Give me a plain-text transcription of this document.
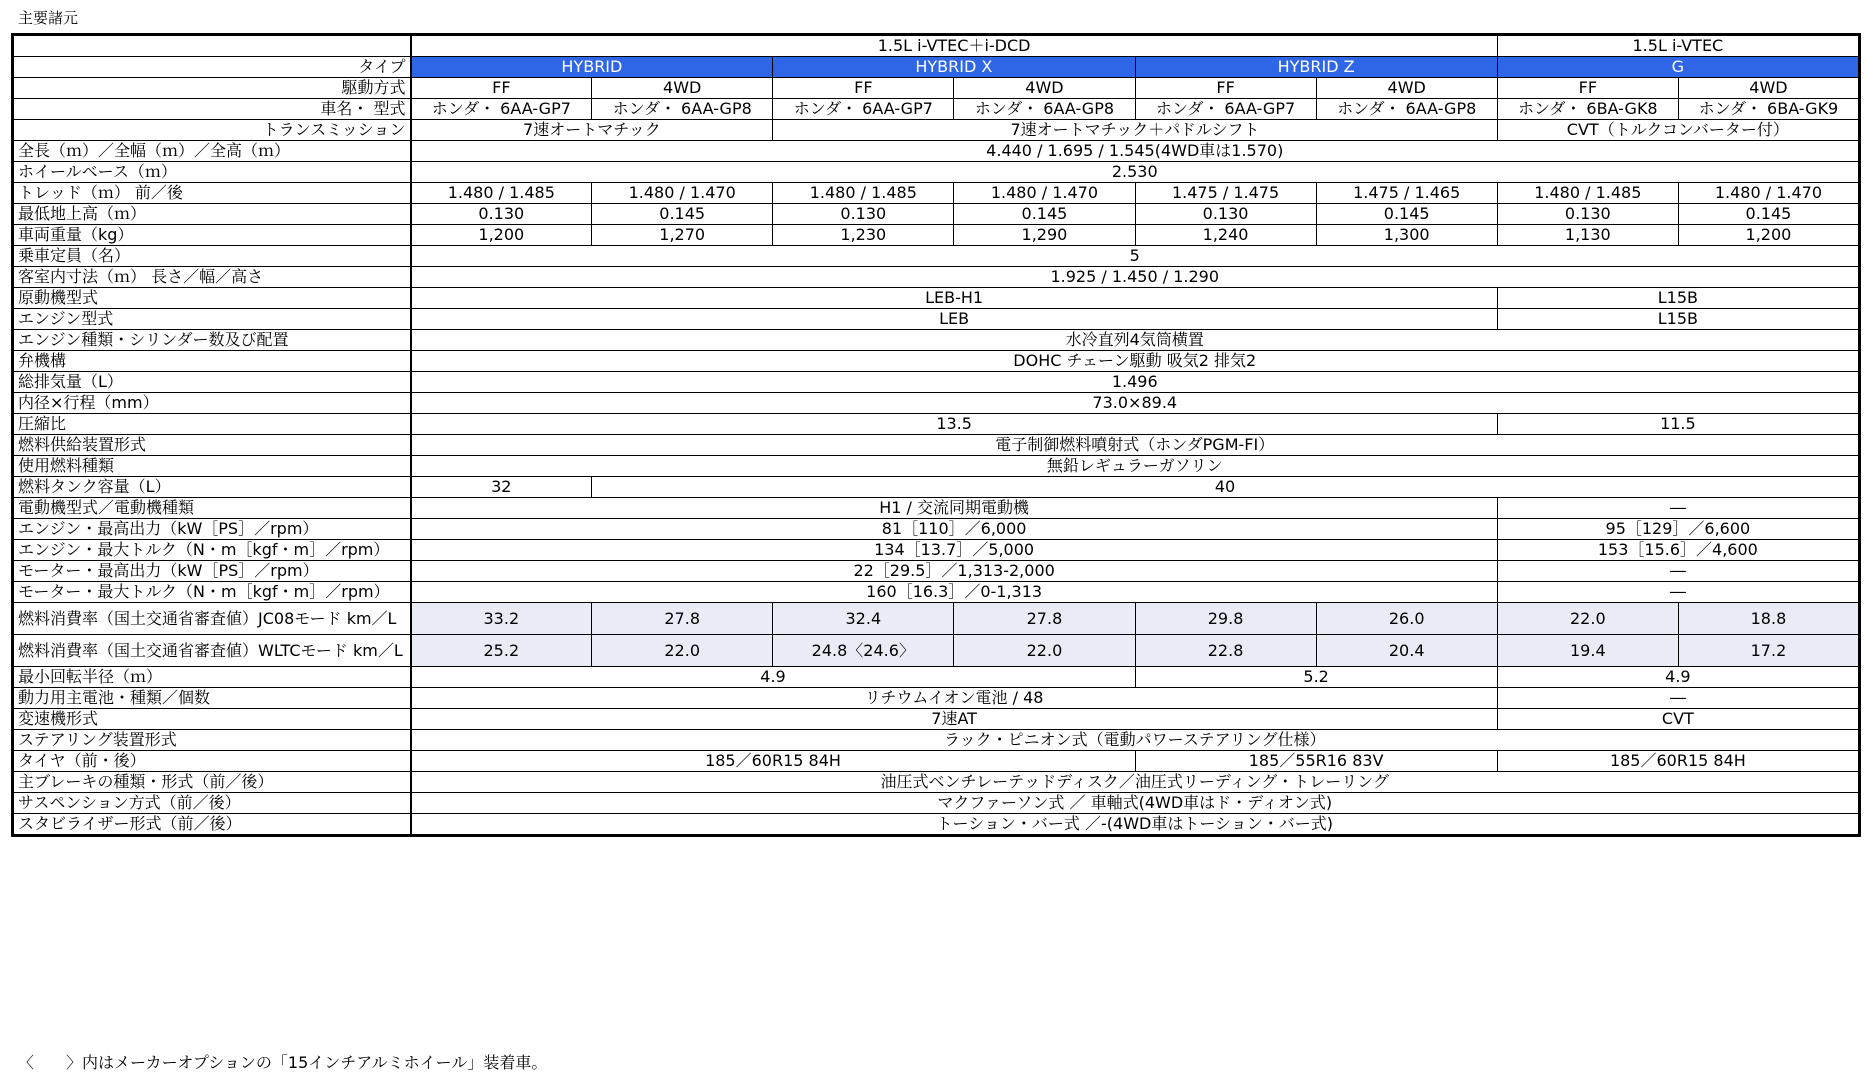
主要諸元
	1.5L i-VTEC＋i-DCD						1.5L i-VTEC	
タイプ	HYBRID		HYBRID X		HYBRID Z		G	
駆動方式	FF	4WD	FF	4WD	FF	4WD	FF	4WD
車名・ 型式	ホンダ・ 6AA-GP7	ホンダ・ 6AA-GP8	ホンダ・ 6AA-GP7	ホンダ・ 6AA-GP8	ホンダ・ 6AA-GP7	ホンダ・ 6AA-GP8	ホンダ・ 6BA-GK8	ホンダ・ 6BA-GK9
トランスミッション	7速オートマチック		7速オートマチック＋パドルシフト				CVT（トルクコンバーター付）	
全長（ｍ）／全幅（ｍ）／全高（ｍ）	4.440 / 1.695 / 1.545(4WD車は1.570)							
ホイールベース（ｍ）	2.530							
トレッド（ｍ） 前／後	1.480 / 1.485	1.480 / 1.470	1.480 / 1.485	1.480 / 1.470	1.475 / 1.475	1.475 / 1.465	1.480 / 1.485	1.480 / 1.470
最低地上高（ｍ）	0.130	0.145	0.130	0.145	0.130	0.145	0.130	0.145
車両重量（kg）	1,200	1,270	1,230	1,290	1,240	1,300	1,130	1,200
乗車定員（名）	5							
客室内寸法（ｍ） 長さ／幅／高さ	1.925 / 1.450 / 1.290							
原動機型式	LEB-H1						L15B	
エンジン型式	LEB						L15B	
エンジン種類・シリンダー数及び配置	水冷直列4気筒横置							
弁機構	DOHC チェーン駆動 吸気2 排気2							
総排気量（L）	1.496							
内径×行程（mm）	73.0×89.4							
圧縮比	13.5						11.5	
燃料供給装置形式	電子制御燃料噴射式（ホンダPGM-FI）							
使用燃料種類	無鉛レギュラーガソリン							
燃料タンク容量（L）	32	40						
電動機型式／電動機種類	H1 / 交流同期電動機						―	
エンジン・最高出力（kW［PS］／rpm）	81［110］／6,000						95［129］／6,600	
エンジン・最大トルク（N・m［kgf・m］／rpm）	134［13.7］／5,000						153［15.6］／4,600	
モーター・最高出力（kW［PS］／rpm）	22［29.5］／1,313-2,000						―	
モーター・最大トルク（N・m［kgf・m］／rpm）	160［16.3］／0-1,313						―	
燃料消費率（国土交通省審査値）JC08モード km／L	33.2	27.8	32.4	27.8	29.8	26.0	22.0	18.8
燃料消費率（国土交通省審査値）WLTCモード km／L	25.2	22.0	24.8〈24.6〉	22.0	22.8	20.4	19.4	17.2
最小回転半径（ｍ）	4.9				5.2		4.9	
動力用主電池・種類／個数	リチウムイオン電池 / 48						―	
変速機形式	7速AT						CVT	
ステアリング装置形式	ラック・ピニオン式（電動パワーステアリング仕様）							
タイヤ（前・後）	185／60R15 84H				185／55R16 83V		185／60R15 84H	
主ブレーキの種類・形式（前／後）	油圧式ベンチレーテッドディスク／油圧式リーディング・トレーリング							
サスペンション方式（前／後）	マクファーソン式 ／ 車軸式(4WD車はド・ディオン式)							
スタビライザー形式（前／後）	トーション・バー式 ／-(4WD車はトーション・バー式)							
〈　　〉内はメーカーオプションの「15インチアルミホイール」装着車。
